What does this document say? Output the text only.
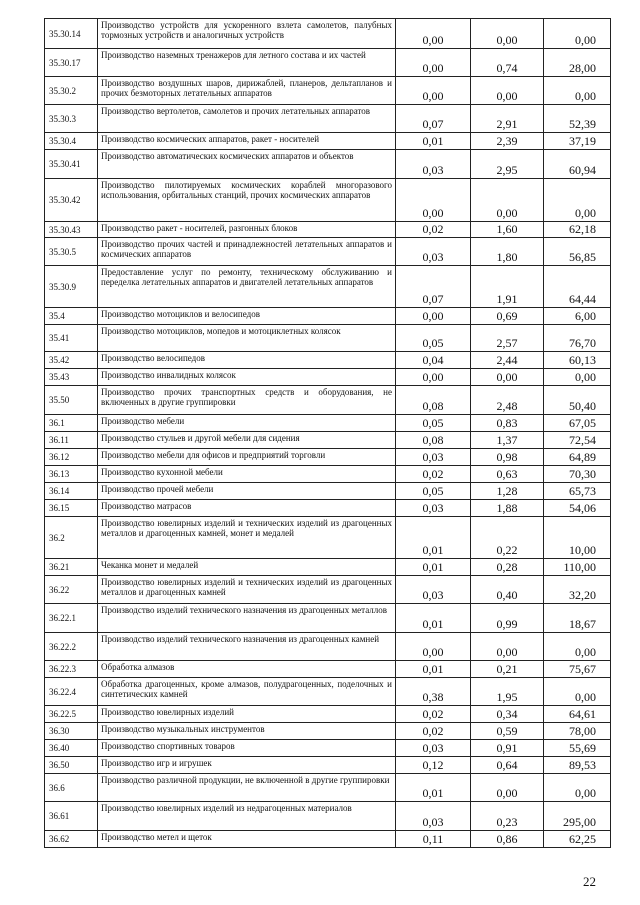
35.30.14	Производство устройств для ускоренного взлета самолетов, палубных тормозных устройств и аналогичных устройств	0,00	0,00	0,00
35.30.17	Производство наземных тренажеров для летного состава и их частей	0,00	0,74	28,00
35.30.2	Производство воздушных шаров, дирижаблей, планеров, дельтапланов и прочих безмоторных летательных аппаратов	0,00	0,00	0,00
35.30.3	Производство вертолетов, самолетов и прочих летательных аппаратов	0,07	2,91	52,39
35.30.4	Производство космических аппаратов, ракет - носителей	0,01	2,39	37,19
35.30.41	Производство автоматических космических аппаратов и объектов	0,03	2,95	60,94
35.30.42	Производство пилотируемых космических кораблей многоразового использования, орбитальных станций, прочих космических аппаратов	0,00	0,00	0,00
35.30.43	Производство ракет - носителей, разгонных блоков	0,02	1,60	62,18
35.30.5	Производство прочих частей и принадлежностей летательных аппаратов и космических аппаратов	0,03	1,80	56,85
35.30.9	Предоставление услуг по ремонту, техническому обслуживанию и переделка летательных аппаратов и двигателей летательных аппаратов	0,07	1,91	64,44
35.4	Производство мотоциклов и велосипедов	0,00	0,69	6,00
35.41	Производство мотоциклов, мопедов и мотоциклетных колясок	0,05	2,57	76,70
35.42	Производство велосипедов	0,04	2,44	60,13
35.43	Производство инвалидных колясок	0,00	0,00	0,00
35.50	Производство прочих транспортных средств и оборудования, не включенных в другие группировки	0,08	2,48	50,40
36.1	Производство мебели	0,05	0,83	67,05
36.11	Производство стульев и другой мебели для сидения	0,08	1,37	72,54
36.12	Производство мебели для офисов и предприятий торговли	0,03	0,98	64,89
36.13	Производство кухонной мебели	0,02	0,63	70,30
36.14	Производство прочей мебели	0,05	1,28	65,73
36.15	Производство матрасов	0,03	1,88	54,06
36.2	Производство ювелирных изделий и технических изделий из драгоценных металлов и драгоценных камней, монет и медалей	0,01	0,22	10,00
36.21	Чеканка монет и медалей	0,01	0,28	110,00
36.22	Производство ювелирных изделий и технических изделий из драгоценных металлов и драгоценных камней	0,03	0,40	32,20
36.22.1	Производство изделий технического назначения из драгоценных металлов	0,01	0,99	18,67
36.22.2	Производство изделий технического назначения из драгоценных камней	0,00	0,00	0,00
36.22.3	Обработка алмазов	0,01	0,21	75,67
36.22.4	Обработка драгоценных, кроме алмазов, полудрагоценных, поделочных и синтетических камней	0,38	1,95	0,00
36.22.5	Производство ювелирных изделий	0,02	0,34	64,61
36.30	Производство музыкальных инструментов	0,02	0,59	78,00
36.40	Производство спортивных товаров	0,03	0,91	55,69
36.50	Производство игр и игрушек	0,12	0,64	89,53
36.6	Производство различной продукции, не включенной в другие группировки	0,01	0,00	0,00
36.61	Производство ювелирных изделий из недрагоценных материалов	0,03	0,23	295,00
36.62	Производство метел и щеток	0,11	0,86	62,25
22
